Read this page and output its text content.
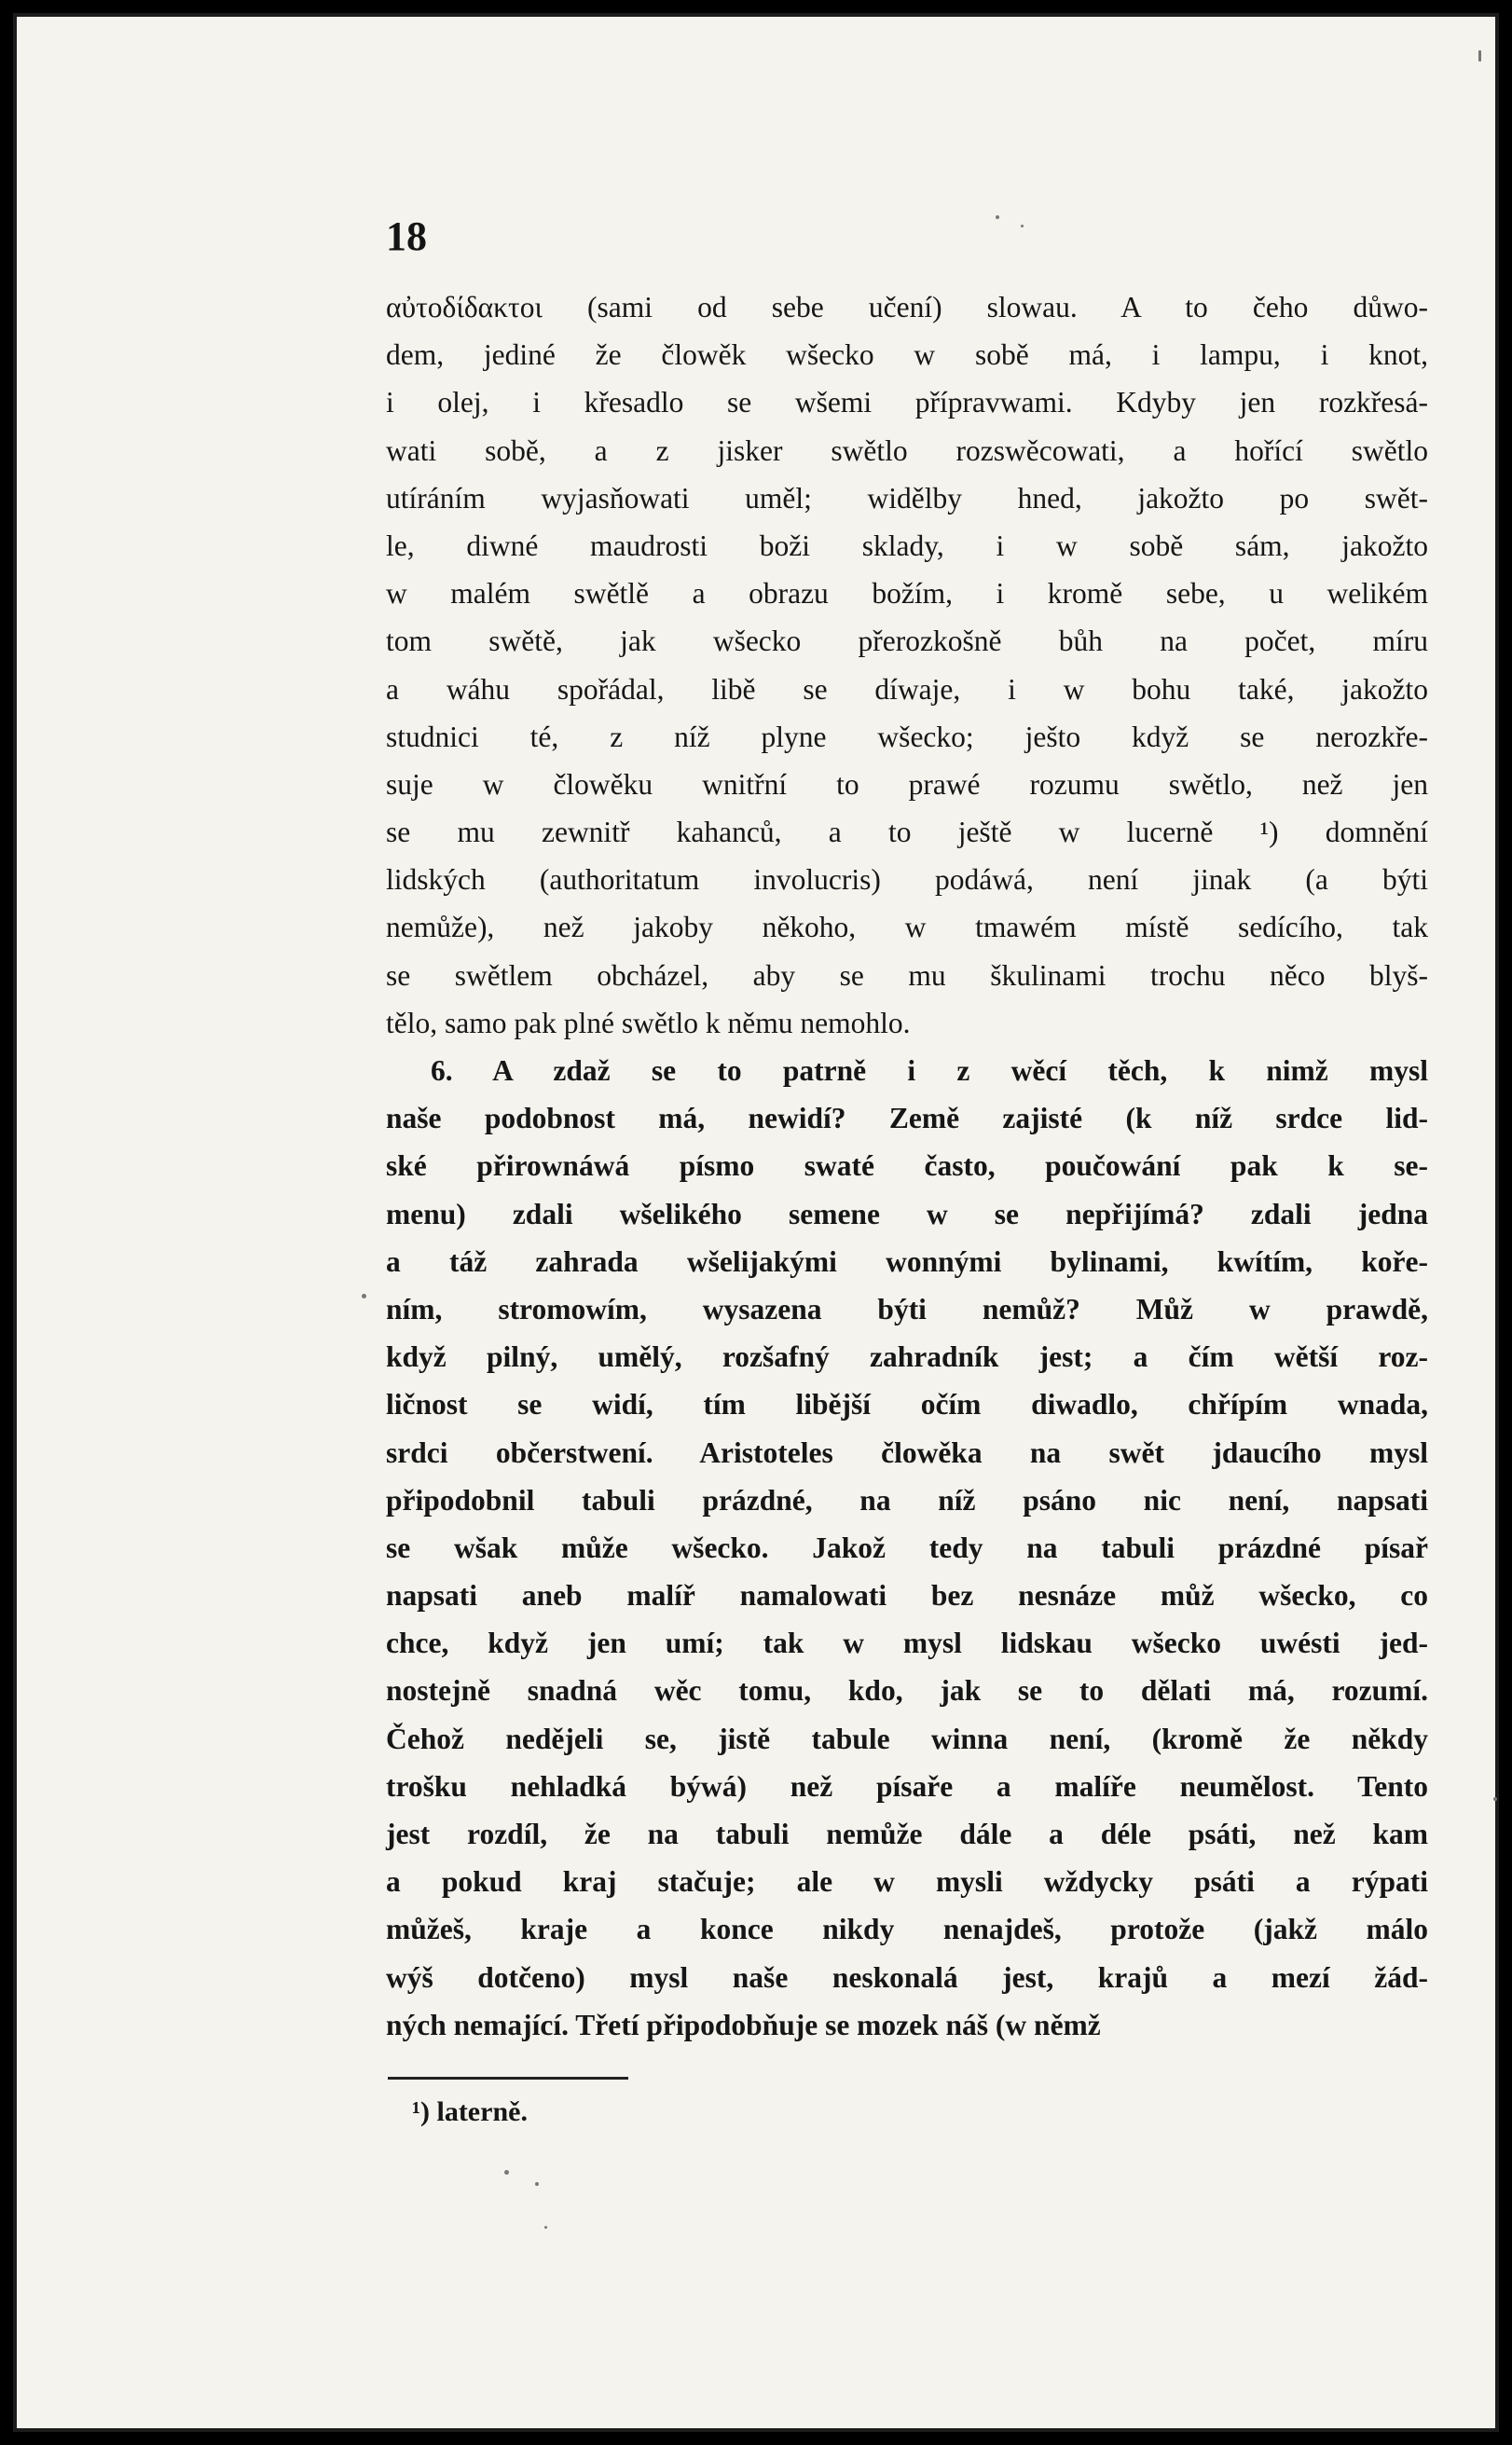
18
αὐτοδίδακτοι (sami od sebe učení) slowau. A to čeho důwo-
dem, jediné že člowěk wšecko w sobě má, i lampu, i knot,
i olej, i křesadlo se wšemi přípravwami. Kdyby jen rozkřesá-
wati sobě, a z jisker swětlo rozswěcowati, a hořící swětlo
utíráním wyjasňowati uměl; widělby hned, jakožto po swět-
le, diwné maudrosti boži sklady, i w sobě sám, jakožto
w malém swětlě a obrazu božím, i kromě sebe, u welikém
tom swětě, jak wšecko přerozkošně bůh na počet, míru
a wáhu spořádal, libě se díwaje, i w bohu také, jakožto
studnici té, z níž plyne wšecko; ješto když se nerozkře-
suje w člowěku wnitřní to prawé rozumu swětlo, než jen
se mu zewnitř kahanců, a to ještě w lucerně ¹) domnění
lidských (authoritatum involucris) podáwá, není jinak (a býti
nemůže), než jakoby někoho, w tmawém místě sedícího, tak
se swětlem obcházel, aby se mu škulinami trochu něco blyš-
tělo, samo pak plné swětlo k němu nemohlo.
6. A zdaž se to patrně i z wěcí těch, k nimž mysl
naše podobnost má, newidí? Země zajisté (k níž srdce lid-
ské přirownáwá písmo swaté často, poučowání pak k se-
menu) zdali wšelikého semene w se nepřijímá? zdali jedna
a táž zahrada wšelijakými wonnými bylinami, kwítím, koře-
ním, stromowím, wysazena býti nemůž? Můž w prawdě,
když pilný, umělý, rozšafný zahradník jest; a čím wětší roz-
ličnost se widí, tím libější očím diwadlo, chřípím wnada,
srdci občerstwení. Aristoteles člowěka na swět jdaucího mysl
připodobnil tabuli prázdné, na níž psáno nic není, napsati
se wšak může wšecko. Jakož tedy na tabuli prázdné písař
napsati aneb malíř namalowati bez nesnáze můž wšecko, co
chce, když jen umí; tak w mysl lidskau wšecko uwésti jed-
nostejně snadná wěc tomu, kdo, jak se to dělati má, rozumí.
Čehož nedějeli se, jistě tabule winna není, (kromě že někdy
trošku nehladká býwá) než písaře a malíře neumělost. Tento
jest rozdíl, že na tabuli nemůže dále a déle psáti, než kam
a pokud kraj stačuje; ale w mysli wždycky psáti a rýpati
můžeš, kraje a konce nikdy nenajdeš, protože (jakž málo
wýš dotčeno) mysl naše neskonalá jest, krajů a mezí žád-
ných nemající. Třetí připodobňuje se mozek náš (w němž
¹) laterně.
